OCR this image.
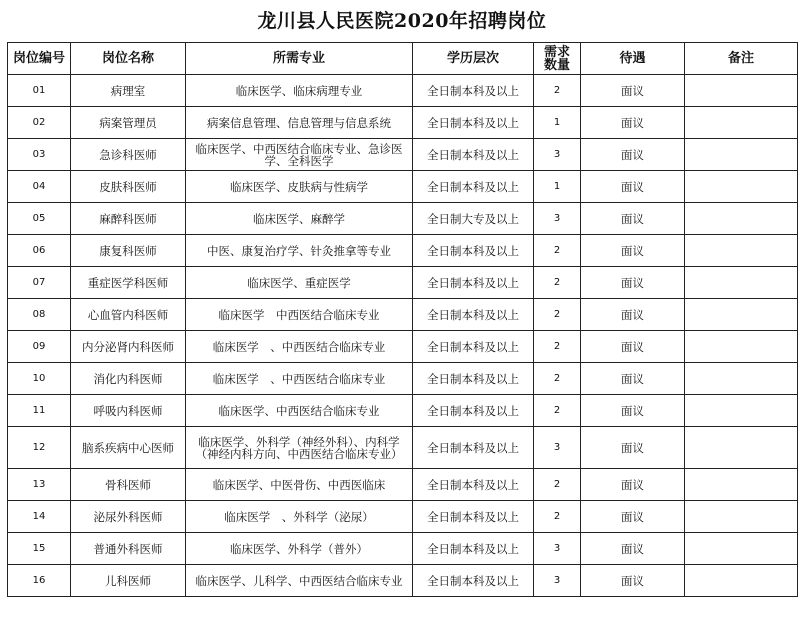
龙川县人民医院2020年招聘岗位
岗位编号	岗位名称	所需专业	学历层次	需求数量	待遇	备注
01	病理室	临床医学、临床病理专业	全日制本科及以上	2	面议	
02	病案管理员	病案信息管理、信息管理与信息系统	全日制本科及以上	1	面议	
03	急诊科医师	临床医学、中西医结合临床专业、急诊医学、全科医学	全日制本科及以上	3	面议	
04	皮肤科医师	临床医学、皮肤病与性病学	全日制本科及以上	1	面议	
05	麻醉科医师	临床医学、麻醉学	全日制大专及以上	3	面议	
06	康复科医师	中医、康复治疗学、针灸推拿等专业	全日制本科及以上	2	面议	
07	重症医学科医师	临床医学、重症医学	全日制本科及以上	2	面议	
08	心血管内科医师	临床医学　中西医结合临床专业	全日制本科及以上	2	面议	
09	内分泌肾内科医师	临床医学　、中西医结合临床专业	全日制本科及以上	2	面议	
10	消化内科医师	临床医学　、中西医结合临床专业	全日制本科及以上	2	面议	
11	呼吸内科医师	临床医学、中西医结合临床专业	全日制本科及以上	2	面议	
12	脑系疾病中心医师	临床医学、外科学（神经外科）、内科学（神经内科方向、中西医结合临床专业）	全日制本科及以上	3	面议	
13	骨科医师	临床医学、中医骨伤、中西医临床	全日制本科及以上	2	面议	
14	泌尿外科医师	临床医学　、外科学（泌尿）	全日制本科及以上	2	面议	
15	普通外科医师	临床医学、外科学（普外）	全日制本科及以上	3	面议	
16	儿科医师	临床医学、儿科学、中西医结合临床专业	全日制本科及以上	3	面议	
